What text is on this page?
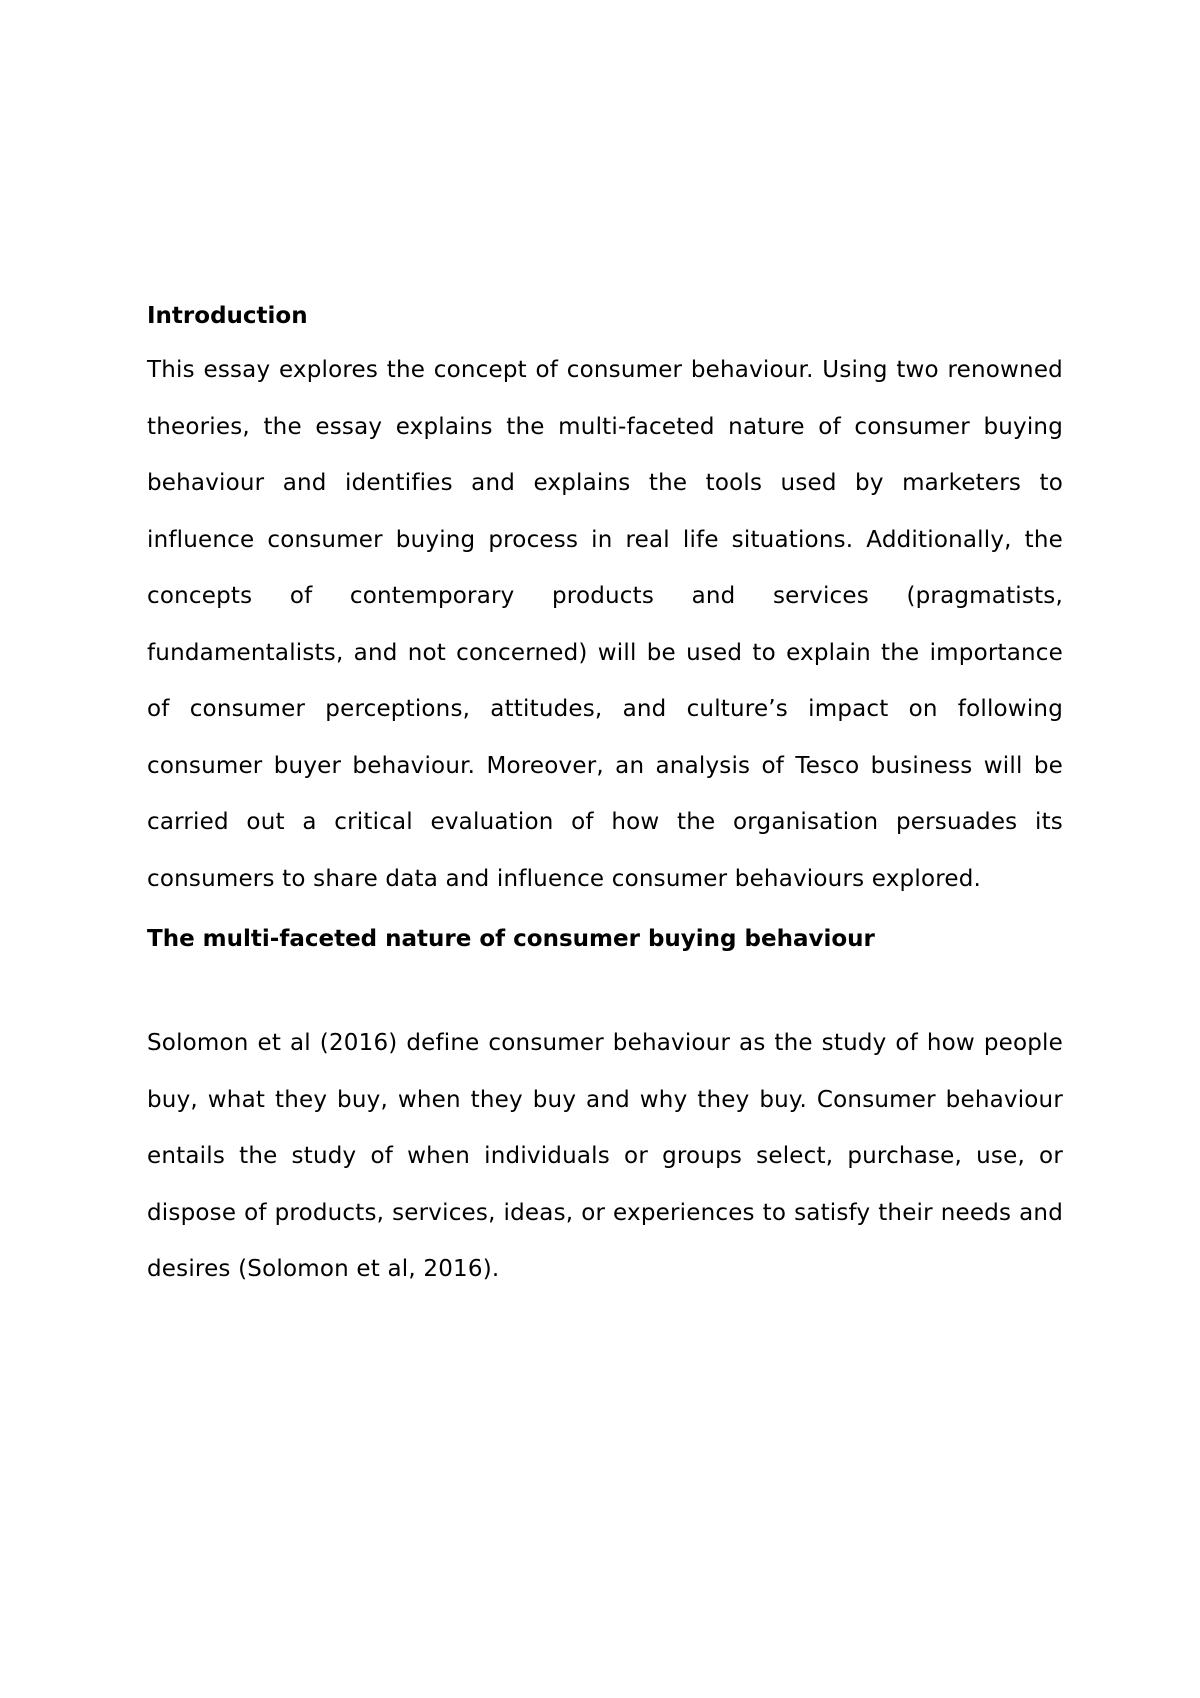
Introduction

This essay explores the concept of consumer behaviour. Using two renowned theories, the essay explains the multi-faceted nature of consumer buying behaviour and identifies and explains the tools used by marketers to influence consumer buying process in real life situations. Additionally, the concepts of contemporary products and services (pragmatists, fundamentalists, and not concerned) will be used to explain the importance of consumer perceptions, attitudes, and culture’s impact on following consumer buyer behaviour. Moreover, an analysis of Tesco business will be carried out a critical evaluation of how the organisation persuades its consumers to share data and influence consumer behaviours explored.

The multi-faceted nature of consumer buying behaviour

Solomon et al (2016) define consumer behaviour as the study of how people buy, what they buy, when they buy and why they buy. Consumer behaviour entails the study of when individuals or groups select, purchase, use, or dispose of products, services, ideas, or experiences to satisfy their needs and desires (Solomon et al, 2016).
